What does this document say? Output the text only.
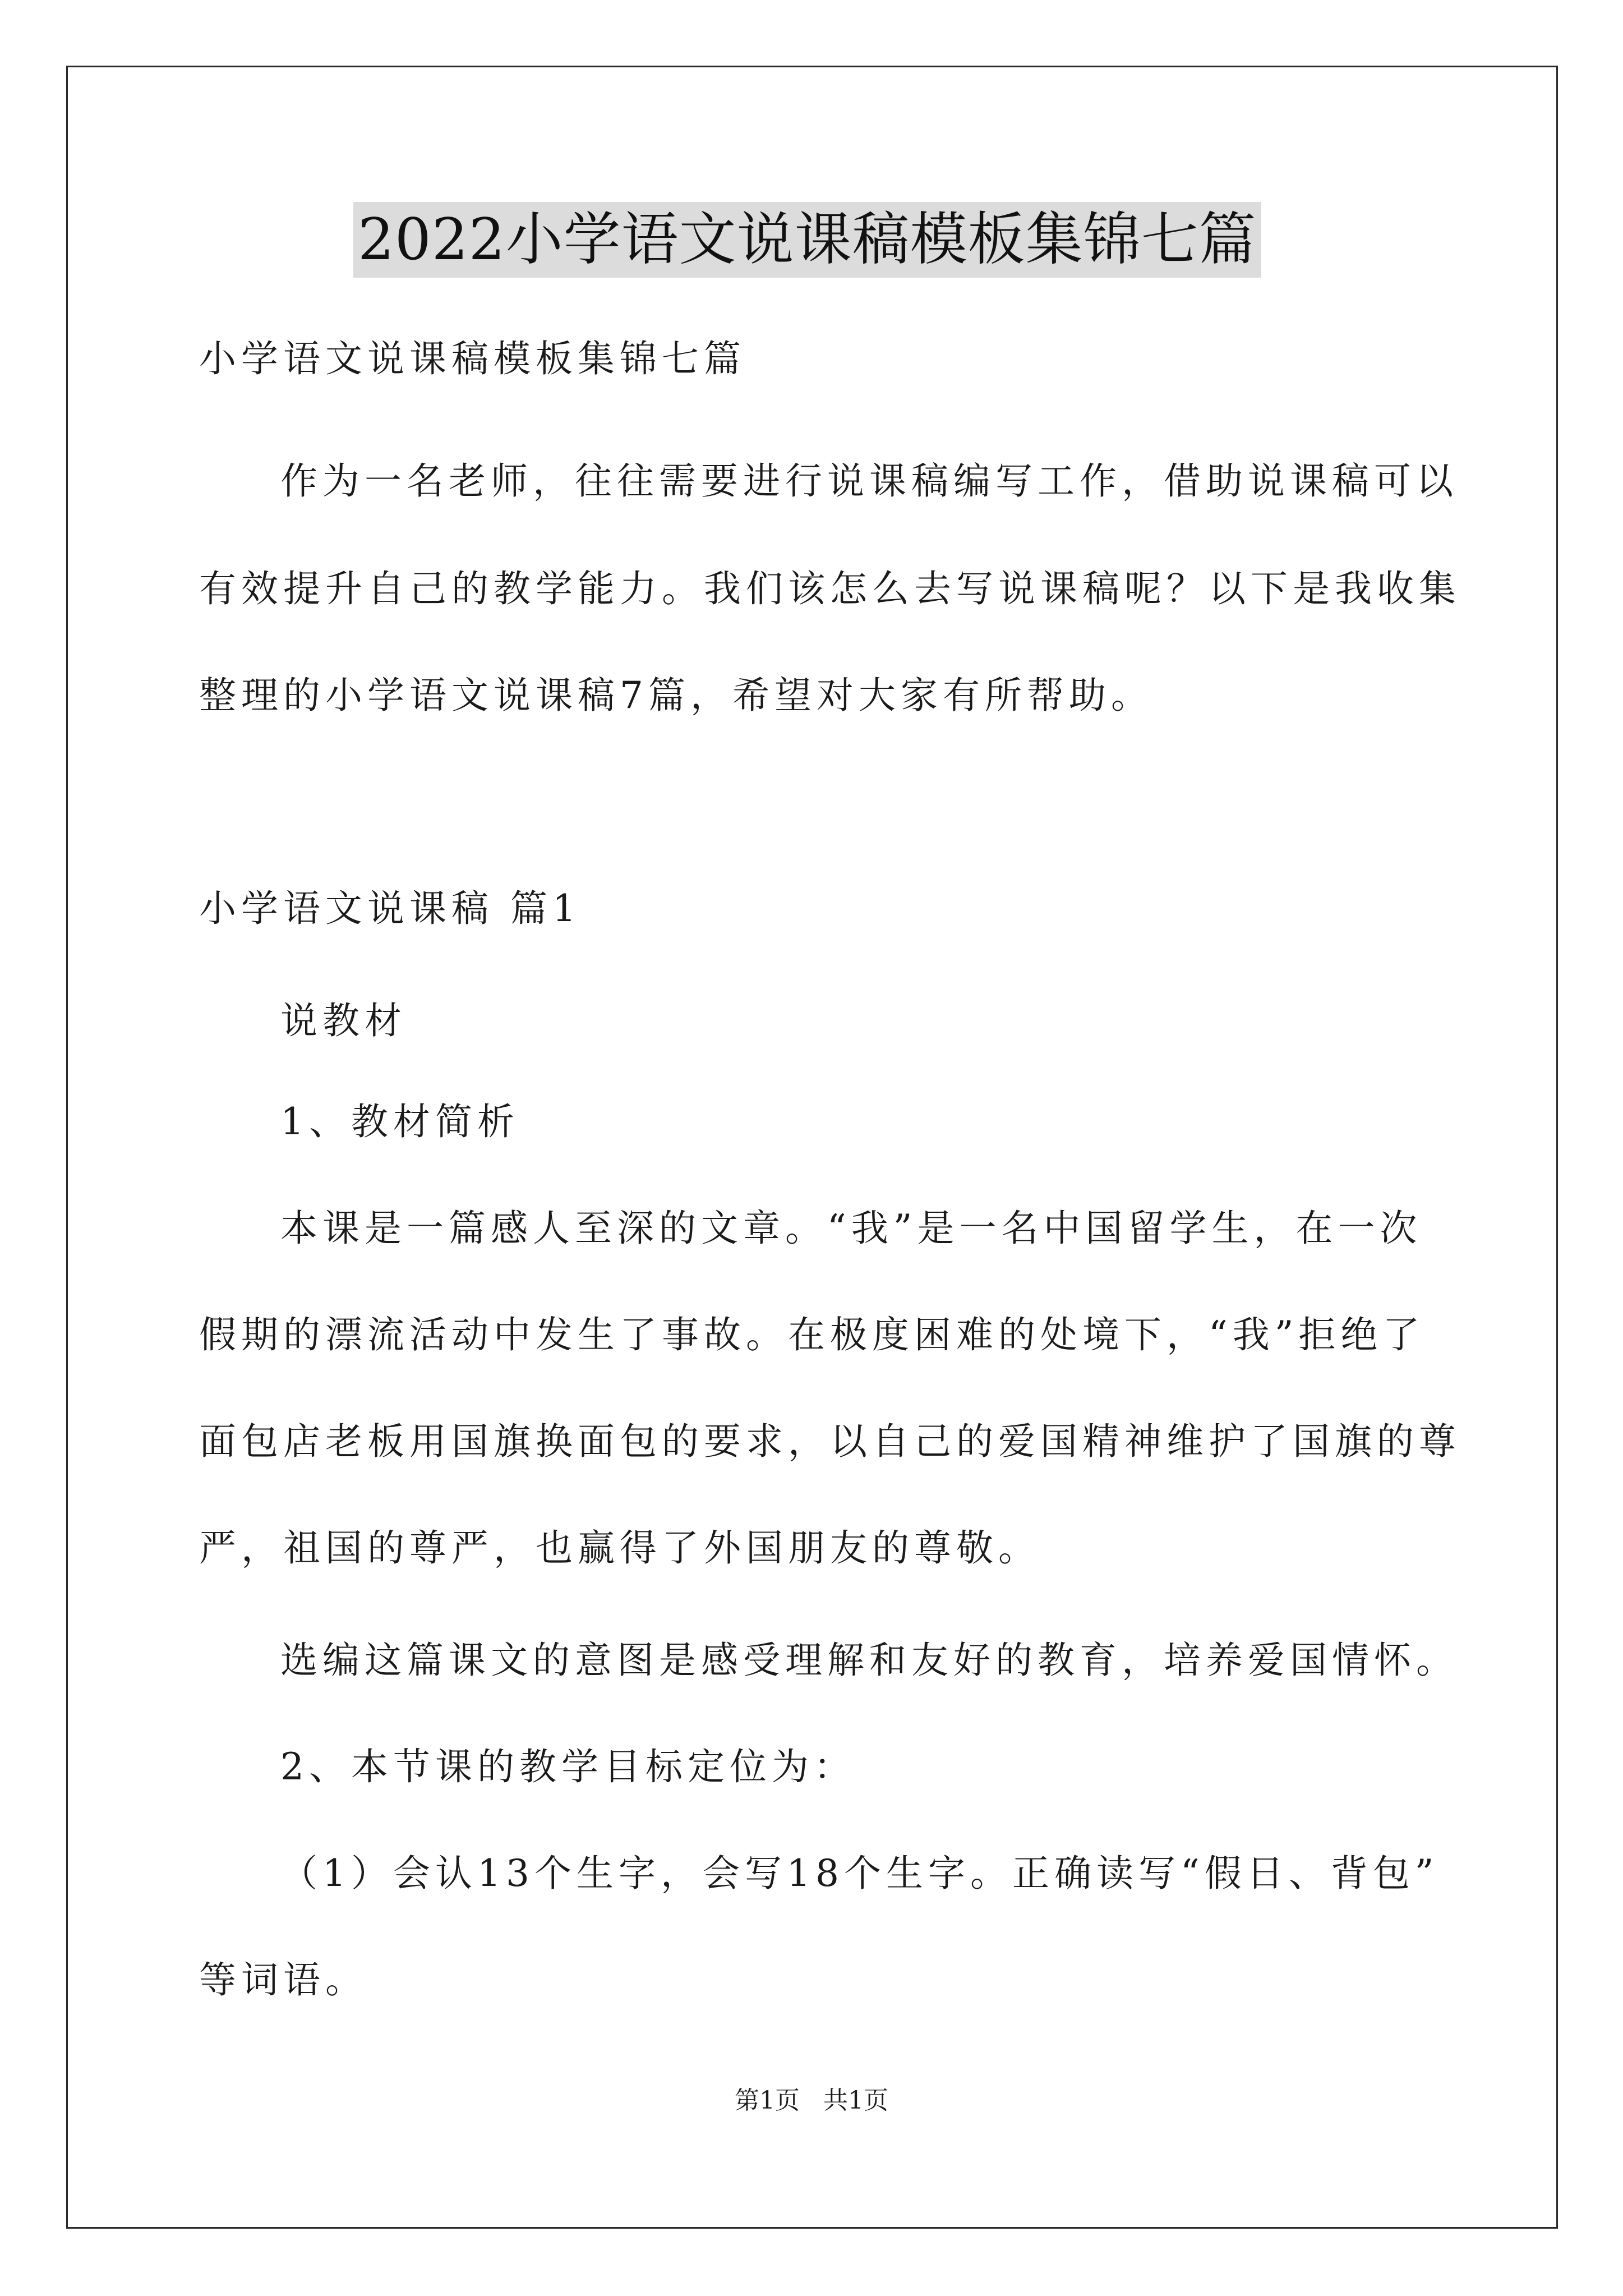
2022小学语文说课稿模板集锦七篇
小学语文说课稿模板集锦七篇
作为一名老师，往往需要进行说课稿编写工作，借助说课稿可以
有效提升自己的教学能力。我们该怎么去写说课稿呢？以下是我收集
整理的小学语文说课稿7篇，希望对大家有所帮助。
小学语文说课稿 篇1
说教材
1、教材简析
本课是一篇感人至深的文章。“我”是一名中国留学生，在一次
假期的漂流活动中发生了事故。在极度困难的处境下，“我”拒绝了
面包店老板用国旗换面包的要求，以自己的爱国精神维护了国旗的尊
严，祖国的尊严，也赢得了外国朋友的尊敬。
选编这篇课文的意图是感受理解和友好的教育，培养爱国情怀。
2、本节课的教学目标定位为：
（1）会认13个生字，会写18个生字。正确读写“假日、背包”
等词语。
第1页   共1页
